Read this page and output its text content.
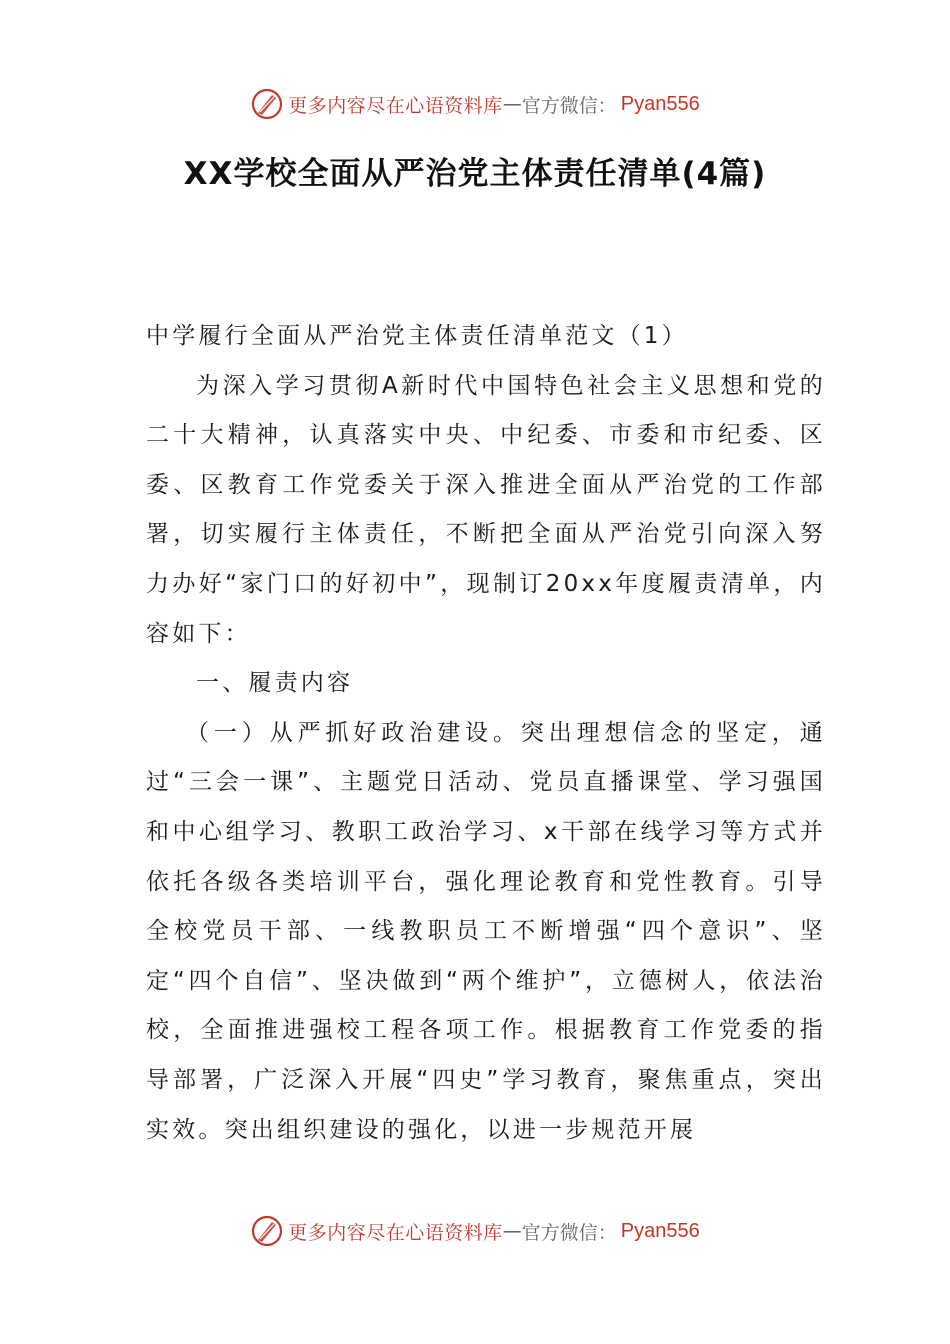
更多内容尽在心语资料库 — 官方微信： Pyan556
XX学校全面从严治党主体责任清单(4篇)

中学履行全面从严治党主体责任清单范文（1）

为深入学习贯彻A新时代中国特色社会主义思想和党的二十大精神，认真落实中央、中纪委、市委和市纪委、区委、区教育工作党委关于深入推进全面从严治党的工作部署，切实履行主体责任，不断把全面从严治党引向深入努力办好“家门口的好初中”，现制订20xx年度履责清单，内容如下：

一、履责内容

（一）从严抓好政治建设。突出理想信念的坚定，通过“三会一课”、主题党日活动、党员直播课堂、学习强国和中心组学习、教职工政治学习、x干部在线学习等方式并依托各级各类培训平台，强化理论教育和党性教育。引导全校党员干部、一线教职员工不断增强“四个意识”、坚定“四个自信”、坚决做到“两个维护”，立德树人，依法治校，全面推进强校工程各项工作。根据教育工作党委的指导部署，广泛深入开展“四史”学习教育，聚焦重点，突出实效。突出组织建设的强化，以进一步规范开展

更多内容尽在心语资料库 — 官方微信： Pyan556
